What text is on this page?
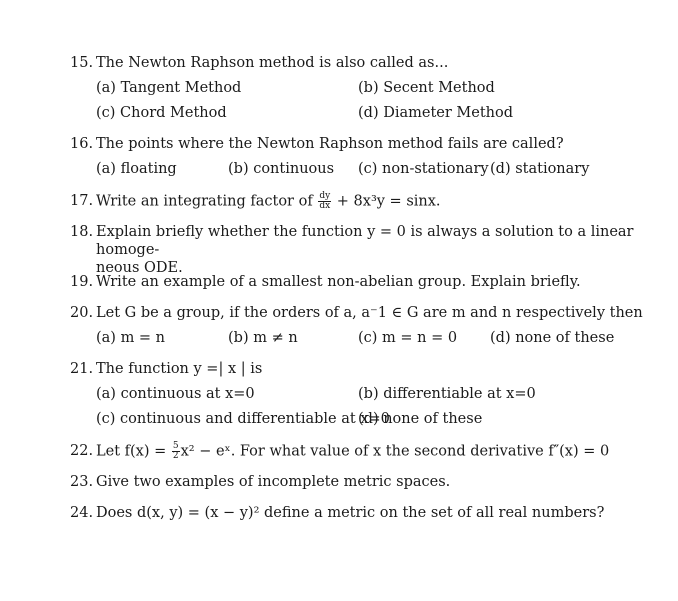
15. The Newton Raphson method is also called as...
(a) Tangent Method	(b) Secent Method
(c) Chord Method	(d) Diameter Method
16. The points where the Newton Raphson method fails are called?
(a) floating	(b) continuous (c) non-stationary (d) stationary
17. Write an integrating factor of $\frac{dy}{dx} + 8x^3y = \sin x$.
18. Explain briefly whether the function y = 0 is always a solution to a linear homoge-
neous ODE.
19. Write an example of a smallest non-abelian group. Explain briefly.
20. Let G be a group, if the orders of a, a⁻1 ∈ G are m and n respectively then
(a) m = n	(b) m ≠ n	(c) m = n = 0 (d) none of these
21. The function y =| x | is
(a) continuous at x=0	(b) differentiable at x=0
(c) continuous and differentiable at x=0
(d) none of these
22. Let $f(x) = \frac{5}{2} x^2$ − eˣ. For what value of x the second derivative f″(x) = 0
23. Give two examples of incomplete metric spaces.
24. Does d(x, y) = (x − y)² define a metric on the set of all real numbers?
